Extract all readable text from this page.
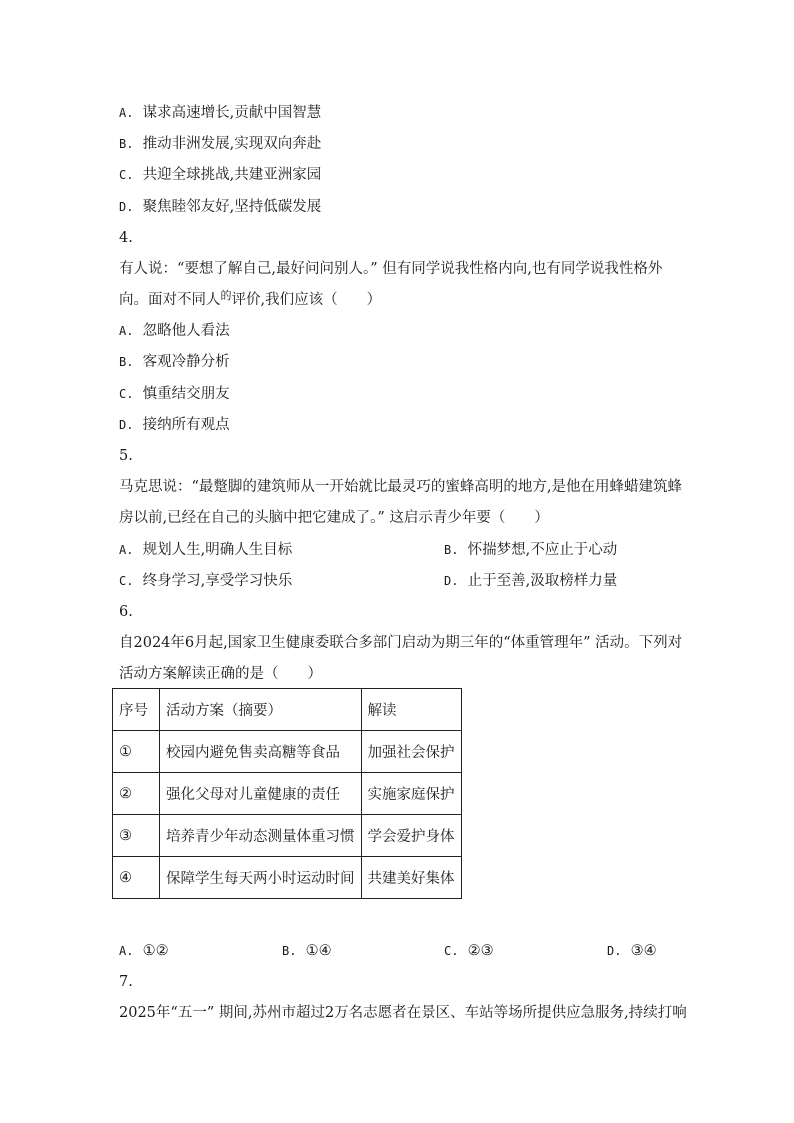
A. 谋求高速增长,贡献中国智慧
B. 推动非洲发展,实现双向奔赴
C. 共迎全球挑战,共建亚洲家园
D. 聚焦睦邻友好,坚持低碳发展
4.
有人说：“要想了解自己,最好问问别人。” 但有同学说我性格内向,也有同学说我性格外
向。面对不同人$^的$评价,我们应该（　　）
A. 忽略他人看法
B. 客观冷静分析
C. 慎重结交朋友
D. 接纳所有观点
5.
马克思说：“最蹩脚的建筑师从一开始就比最灵巧的蜜蜂高明的地方,是他在用蜂蜡建筑蜂
房以前,已经在自己的头脑中把它建成了。” 这启示青少年要（　　）
A. 规划人生,明确人生目标	B. 怀揣梦想,不应止于心动
C. 终身学习,享受学习快乐	D. 止于至善,汲取榜样力量
6.
自2024年6月起,国家卫生健康委联合多部门启动为期三年的“体重管理年” 活动。下列对
活动方案解读正确的是（　　）
序号	活动方案（摘要）	解读
①	校园内避免售卖高糖等食品	加强社会保护
②	强化父母对儿童健康的责任	实施家庭保护
③	培养青少年动态测量体重习惯	学会爱护身体
④	保障学生每天两小时运动时间	共建美好集体
A. ①②	B. ①④	C. ②③	D. ③④
7.
2025年“五一” 期间,苏州市超过2万名志愿者在景区、车站等场所提供应急服务,持续打响
